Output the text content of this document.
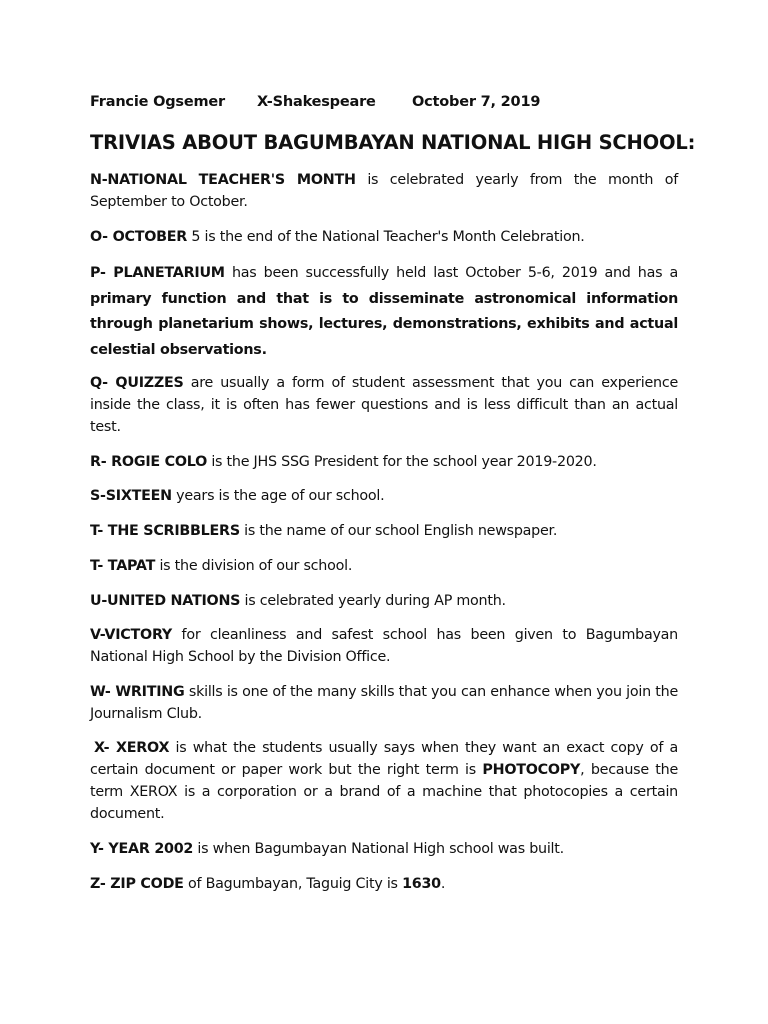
Francie Ogsemer X-Shakespeare	October 7, 2019
TRIVIAS ABOUT BAGUMBAYAN NATIONAL HIGH SCHOOL:

N-NATIONAL TEACHER'S MONTH is celebrated yearly from the month of September to October.

O- OCTOBER 5 is the end of the National Teacher's Month Celebration.

P- PLANETARIUM has been successfully held last October 5-6, 2019 and has a primary function and that is to disseminate astronomical information through planetarium shows, lectures, demonstrations, exhibits and actual celestial observations.

Q- QUIZZES are usually a form of student assessment that you can experience inside the class, it is often has fewer questions and is less difficult than an actual test.

R- ROGIE COLO is the JHS SSG President for the school year 2019-2020.

S-SIXTEEN years is the age of our school.

T- THE SCRIBBLERS is the name of our school English newspaper.

T- TAPAT is the division of our school.

U-UNITED NATIONS is celebrated yearly during AP month.

V-VICTORY for cleanliness and safest school has been given to Bagumbayan National High School by the Division Office.

W- WRITING skills is one of the many skills that you can enhance when you join the Journalism Club.

X- XEROX is what the students usually says when they want an exact copy of a certain document or paper work but the right term is PHOTOCOPY, because the term XEROX is a corporation or a brand of a machine that photocopies a certain document.

Y- YEAR 2002 is when Bagumbayan National High school was built.

Z- ZIP CODE of Bagumbayan, Taguig City is 1630.
